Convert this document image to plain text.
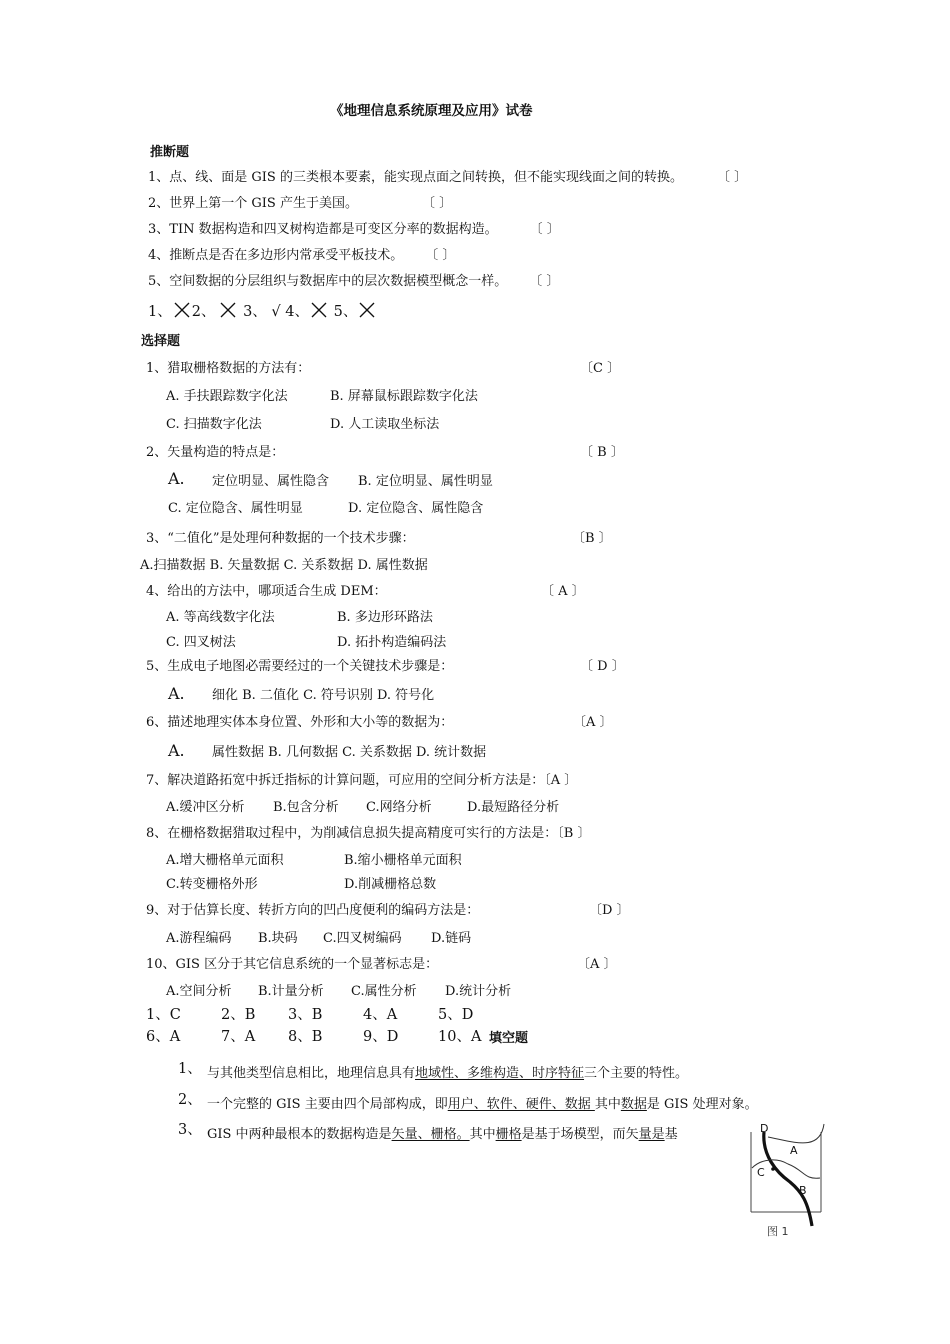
《地理信息系统原理及应用》试卷
推断题
1、点、线、面是 GIS 的三类根本要素，能实现点面之间转换，但不能实现线面之间的转换。	〔 〕
2、世界上第一个 GIS 产生于美国。	〔 〕
3、TIN 数据构造和四叉树构造都是可变区分率的数据构造。 〔 〕
4、推断点是否在多边形内常承受平板技术。 〔 〕
5、空间数据的分层组织与数据库中的层次数据模型概念一样。 〔 〕
1、 2、 3、 √ 4、 5、
选择题
1、猎取栅格数据的方法有：	〔C 〕
A. 手扶跟踪数字化法	B. 屏幕鼠标跟踪数字化法
C. 扫描数字化法	D. 人工读取坐标法
2、矢量构造的特点是：	〔 B 〕
A. 定位明显、属性隐含 B. 定位明显、属性明显
C. 定位隐含、属性明显	D. 定位隐含、属性隐含
3、“二值化”是处理何种数据的一个技术步骤：	〔B 〕
A.扫描数据 B. 矢量数据 C. 关系数据 D. 属性数据
4、给出的方法中，哪项适合生成 DEM：	〔 A 〕
A. 等高线数字化法	B. 多边形环路法
C. 四叉树法	D. 拓扑构造编码法
5、生成电子地图必需要经过的一个关键技术步骤是：	〔 D 〕
A. 细化 B. 二值化 C. 符号识别 D. 符号化
6、描述地理实体本身位置、外形和大小等的数据为：	〔A 〕
A. 属性数据 B. 几何数据 C. 关系数据 D. 统计数据
7、解决道路拓宽中拆迁指标的计算问题，可应用的空间分析方法是：〔A 〕
A.缓冲区分析 B.包含分析 C.网络分析	D.最短路径分析
8、在栅格数据猎取过程中，为削减信息损失提高精度可实行的方法是：〔B 〕
A.增大栅格单元面积	B.缩小栅格单元面积
C.转变栅格外形	D.削减栅格总数
9、对于估算长度、转折方向的凹凸度便利的编码方法是：	〔D 〕
A.游程编码 B.块码 C.四叉树编码 D.链码
10、GIS 区分于其它信息系统的一个显著标志是：	〔A 〕
A.空间分析 B.计量分析 C.属性分析 D.统计分析
1、C	2、B 3、B	4、A	5、D
6、A	7、A 8、B	9、D	10、A 填空题
1、 与其他类型信息相比，地理信息具有地域性、多维构造、时序特征三个主要的特性。
2、 一个完整的 GIS 主要由四个局部构成，即用户、软件、硬件、数据 其中数据是 GIS 处理对象。
3、 GIS 中两种最根本的数据构造是矢量、栅格。其中栅格是基于场模型，而矢量是基	D
A
C
B
图 1
